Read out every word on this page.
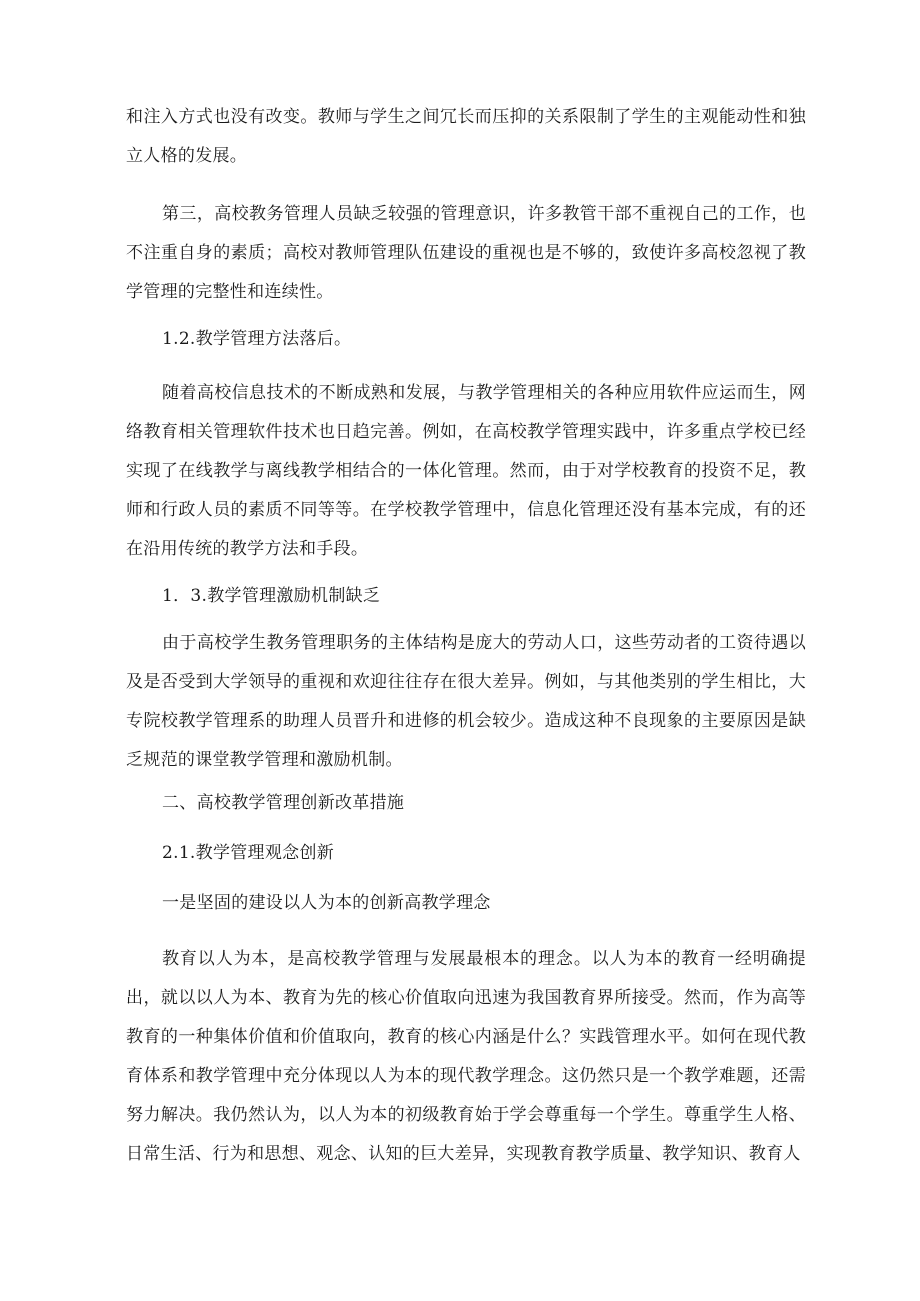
和注入方式也没有改变。教师与学生之间冗长而压抑的关系限制了学生的主观能动性和独立人格的发展。

第三，高校教务管理人员缺乏较强的管理意识，许多教管干部不重视自己的工作，也不注重自身的素质；高校对教师管理队伍建设的重视也是不够的，致使许多高校忽视了教学管理的完整性和连续性。

1.2.教学管理方法落后。

随着高校信息技术的不断成熟和发展，与教学管理相关的各种应用软件应运而生，网络教育相关管理软件技术也日趋完善。例如，在高校教学管理实践中，许多重点学校已经实现了在线教学与离线教学相结合的一体化管理。然而，由于对学校教育的投资不足，教师和行政人员的素质不同等等。在学校教学管理中，信息化管理还没有基本完成，有的还在沿用传统的教学方法和手段。

1．3.教学管理激励机制缺乏

由于高校学生教务管理职务的主体结构是庞大的劳动人口，这些劳动者的工资待遇以及是否受到大学领导的重视和欢迎往往存在很大差异。例如，与其他类别的学生相比，大专院校教学管理系的助理人员晋升和进修的机会较少。造成这种不良现象的主要原因是缺乏规范的课堂教学管理和激励机制。

二、高校教学管理创新改革措施

2.1.教学管理观念创新

一是坚固的建设以人为本的创新高教学理念

教育以人为本，是高校教学管理与发展最根本的理念。以人为本的教育一经明确提出，就以以人为本、教育为先的核心价值取向迅速为我国教育界所接受。然而，作为高等教育的一种集体价值和价值取向，教育的核心内涵是什么？实践管理水平。如何在现代教育体系和教学管理中充分体现以人为本的现代教学理念。这仍然只是一个教学难题，还需努力解决。我仍然认为，以人为本的初级教育始于学会尊重每一个学生。尊重学生人格、日常生活、行为和思想、观念、认知的巨大差异，实现教育教学质量、教学知识、教育人
